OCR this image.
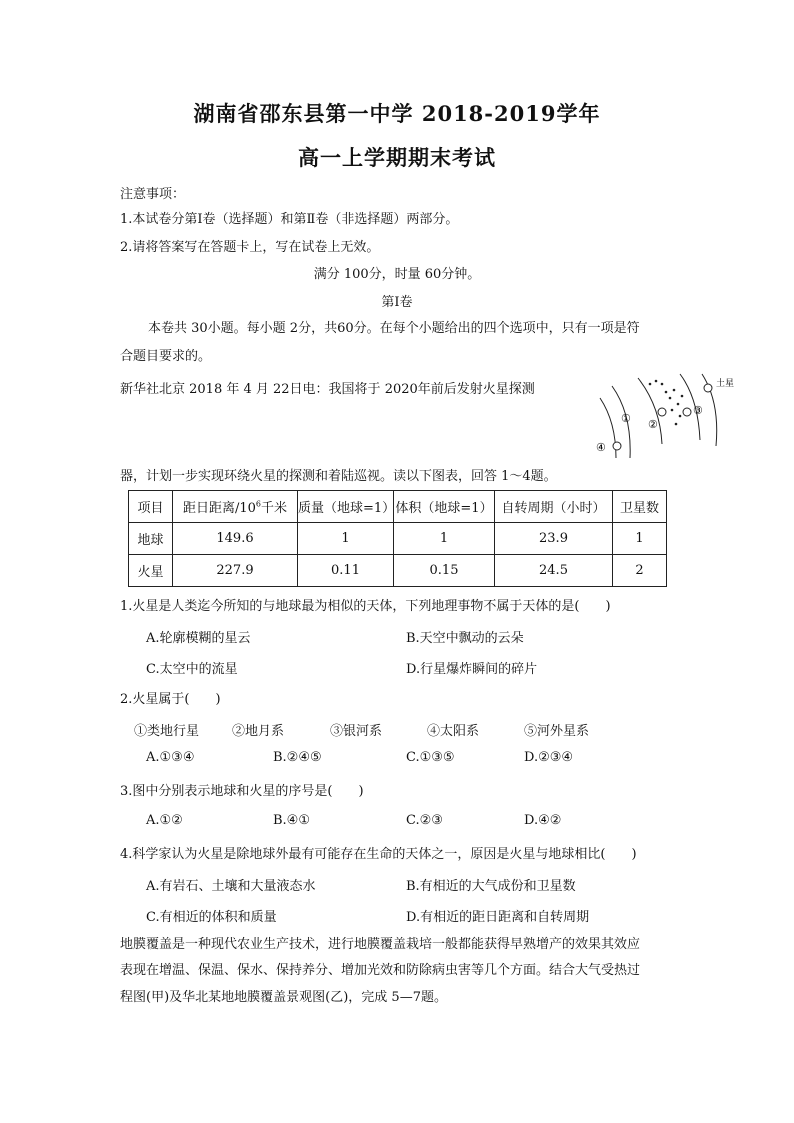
湖南省邵东县第一中学 2018-2019学年
高一上学期期末考试
注意事项：
1.本试卷分第Ⅰ卷（选择题）和第Ⅱ卷（非选择题）两部分。
2.请将答案写在答题卡上，写在试卷上无效。
满分 100分，时量 60分钟。
第Ⅰ卷
本卷共 30小题。每小题 2分，共60分。在每个小题给出的四个选项中，只有一项是符
合题目要求的。
新华社北京 2018 年 4 月 22日电：我国将于 2020年前后发射火星探测	土星
① ②
③
④
器，计划一步实现环绕火星的探测和着陆巡视。读以下图表，回答 1～4题。
项目	距日距离$/10^6$千米	质量（地球=1）	体积（地球=1）	自转周期（小时）	卫星数
地球	149.6	1	1	23.9	1
火星	227.9	0.11	0.15	24.5	2
1.火星是人类迄今所知的与地球最为相似的天体，下列地理事物不属于天体的是(　　)
A.轮廓模糊的星云	B.天空中飘动的云朵
C.太空中的流星	D.行星爆炸瞬间的碎片
2.火星属于(　　)
①类地行星	②地月系	③银河系	④太阳系	⑤河外星系
A.①③④	B.②④⑤	C.①③⑤	D.②③④
3.图中分别表示地球和火星的序号是(　　)
A.①②	B.④①	C.②③	D.④②
4.科学家认为火星是除地球外最有可能存在生命的天体之一，原因是火星与地球相比(　　)
A.有岩石、土壤和大量液态水	B.有相近的大气成份和卫星数
C.有相近的体积和质量	D.有相近的距日距离和自转周期
地膜覆盖是一种现代农业生产技术，进行地膜覆盖栽培一般都能获得早熟增产的效果其效应
表现在增温、保温、保水、保持养分、增加光效和防除病虫害等几个方面。结合大气受热过
程图(甲)及华北某地地膜覆盖景观图(乙)，完成 5—7题。
